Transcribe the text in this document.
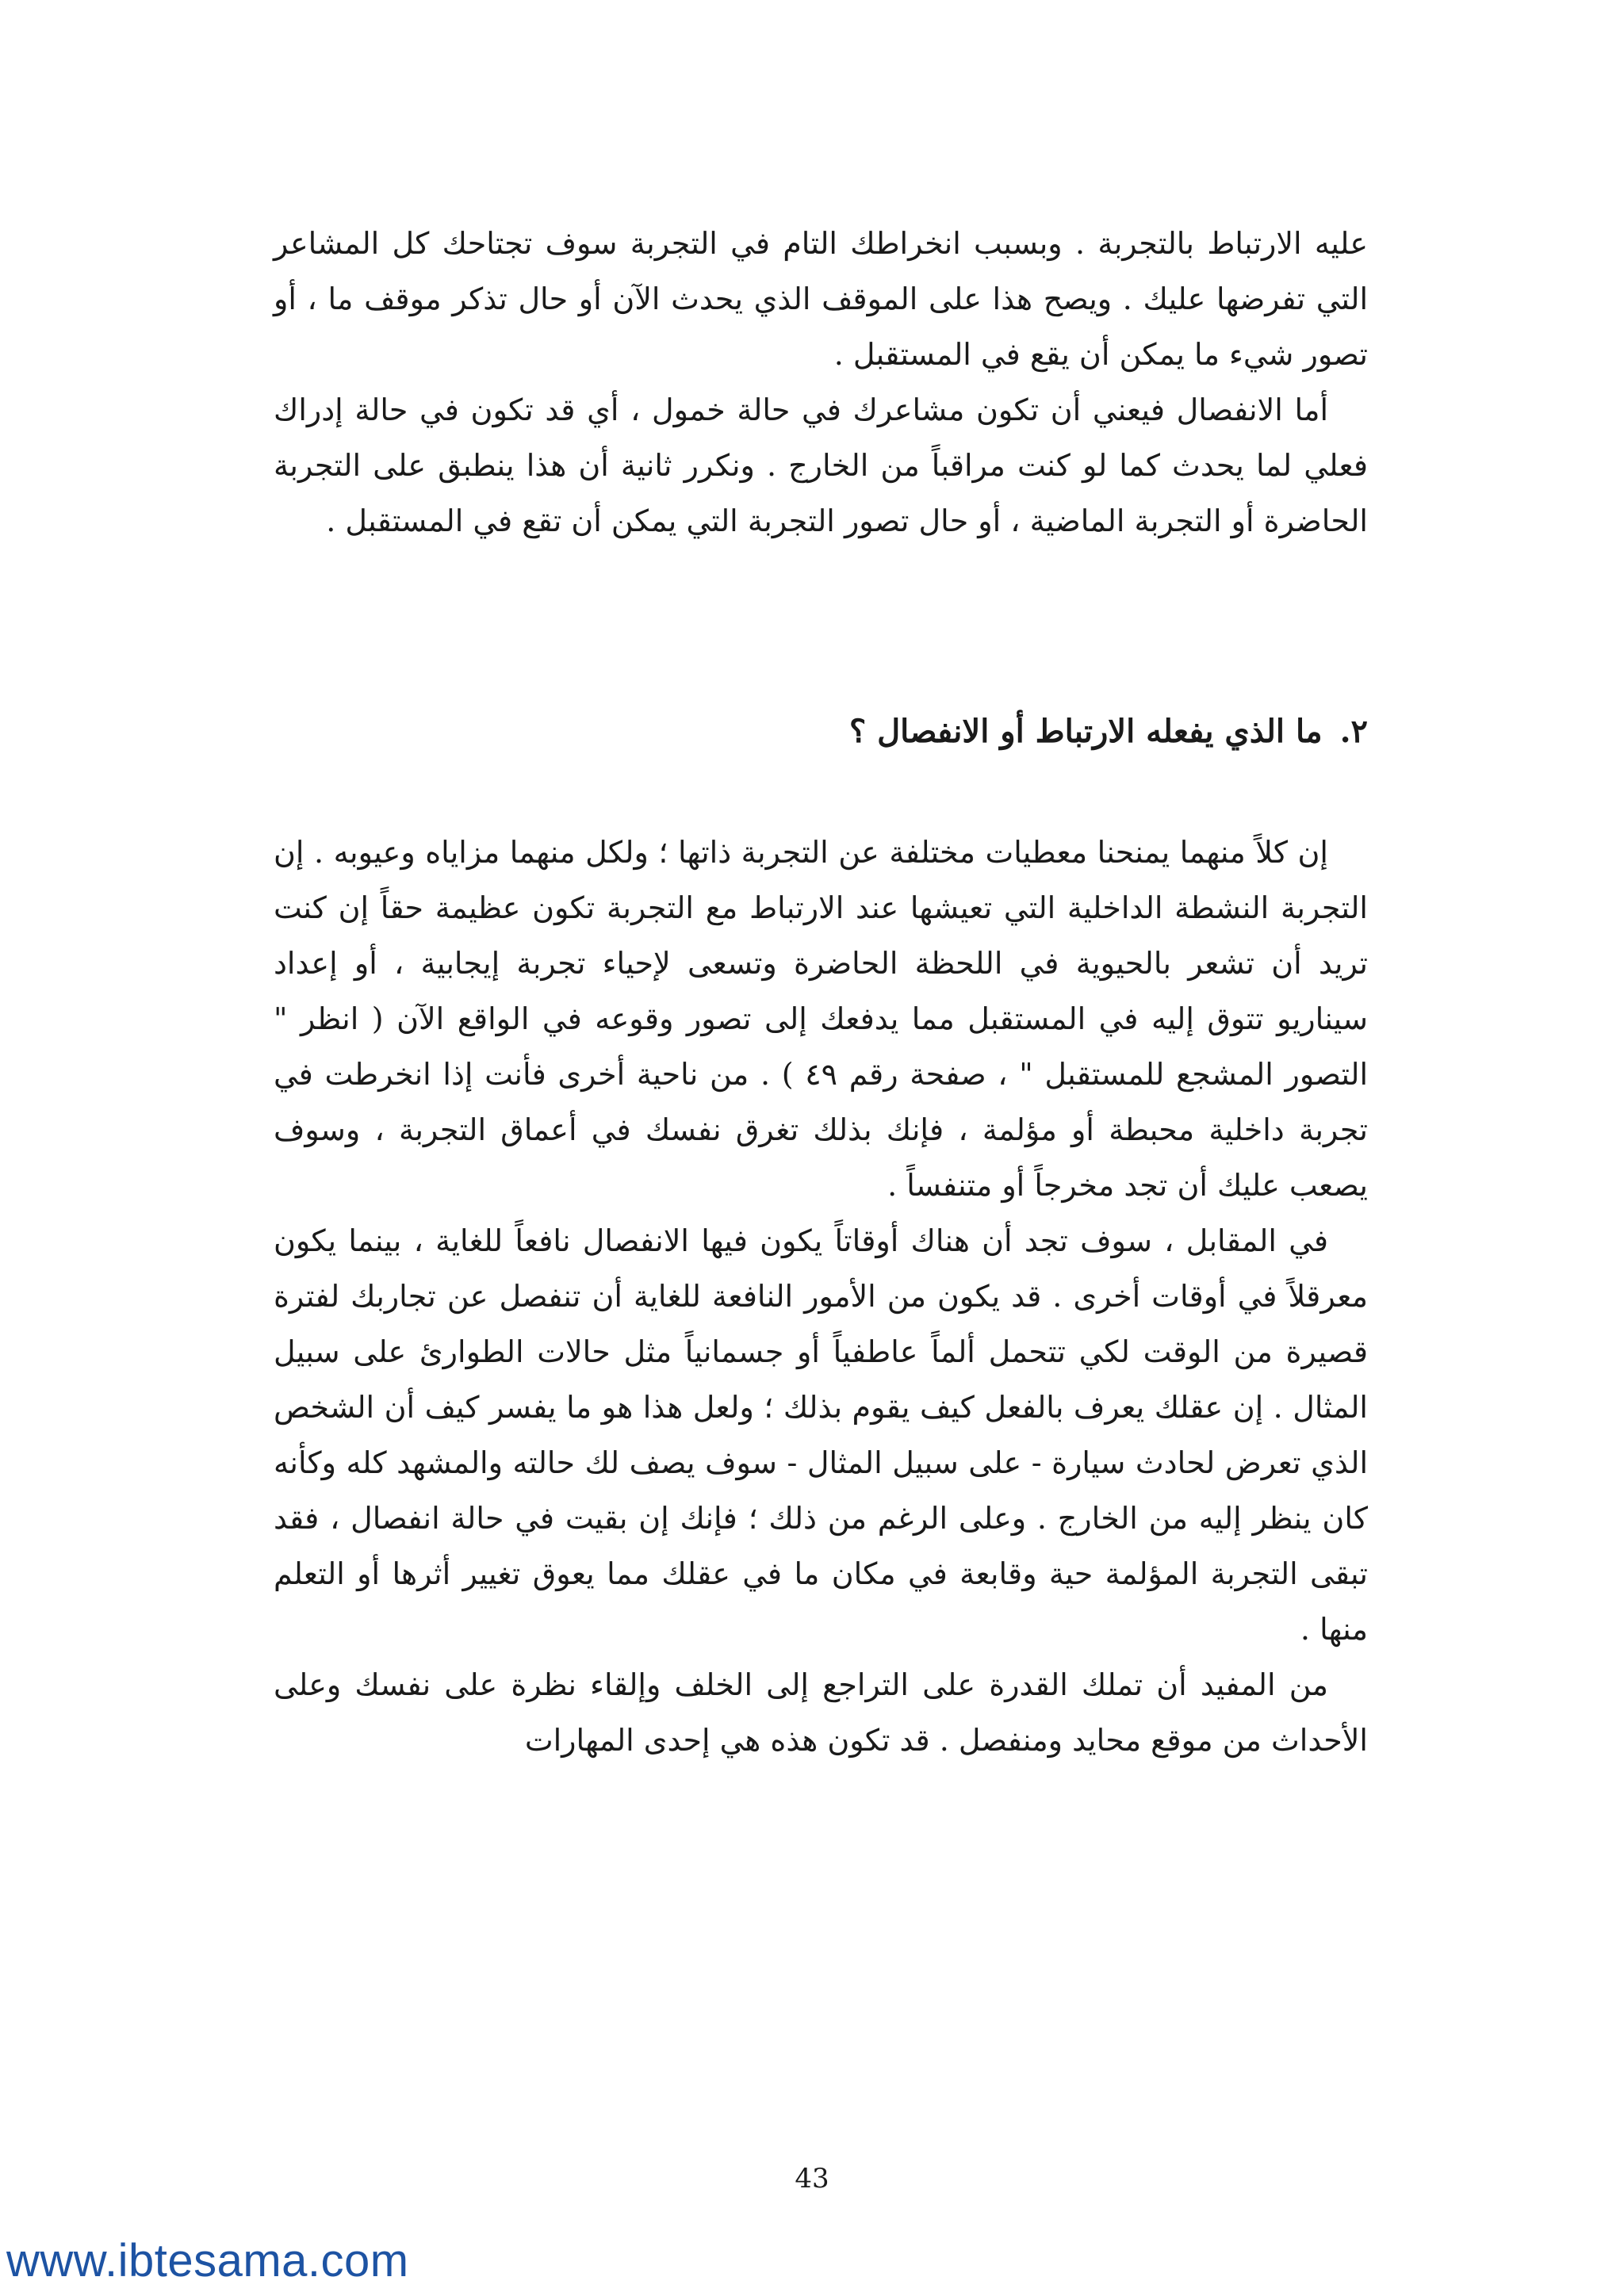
عليه الارتباط بالتجربة . وبسبب انخراطك التام في التجربة سوف تجتاحك كل المشاعر التي تفرضها عليك . ويصح هذا على الموقف الذي يحدث الآن أو حال تذكر موقف ما ، أو تصور شيء ما يمكن أن يقع في المستقبل .

أما الانفصال فيعني أن تكون مشاعرك في حالة خمول ، أي قد تكون في حالة إدراك فعلي لما يحدث كما لو كنت مراقباً من الخارج . ونكرر ثانية أن هذا ينطبق على التجربة الحاضرة أو التجربة الماضية ، أو حال تصور التجربة التي يمكن أن تقع في المستقبل .

٢.ما الذي يفعله الارتباط أو الانفصال ؟

إن كلاً منهما يمنحنا معطيات مختلفة عن التجربة ذاتها ؛ ولكل منهما مزاياه وعيوبه . إن التجربة النشطة الداخلية التي تعيشها عند الارتباط مع التجربة تكون عظيمة حقاً إن كنت تريد أن تشعر بالحيوية في اللحظة الحاضرة وتسعى لإحياء تجربة إيجابية ، أو إعداد سيناريو تتوق إليه في المستقبل مما يدفعك إلى تصور وقوعه في الواقع الآن ( انظر " التصور المشجع للمستقبل " ، صفحة رقم ٤٩ ) . من ناحية أخرى فأنت إذا انخرطت في تجربة داخلية محبطة أو مؤلمة ، فإنك بذلك تغرق نفسك في أعماق التجربة ، وسوف يصعب عليك أن تجد مخرجاً أو متنفساً .

في المقابل ، سوف تجد أن هناك أوقاتاً يكون فيها الانفصال نافعاً للغاية ، بينما يكون معرقلاً في أوقات أخرى . قد يكون من الأمور النافعة للغاية أن تنفصل عن تجاربك لفترة قصيرة من الوقت لكي تتحمل ألماً عاطفياً أو جسمانياً مثل حالات الطوارئ على سبيل المثال . إن عقلك يعرف بالفعل كيف يقوم بذلك ؛ ولعل هذا هو ما يفسر كيف أن الشخص الذي تعرض لحادث سيارة - على سبيل المثال - سوف يصف لك حالته والمشهد كله وكأنه كان ينظر إليه من الخارج . وعلى الرغم من ذلك ؛ فإنك إن بقيت في حالة انفصال ، فقد تبقى التجربة المؤلمة حية وقابعة في مكان ما في عقلك مما يعوق تغيير أثرها أو التعلم منها .

من المفيد أن تملك القدرة على التراجع إلى الخلف وإلقاء نظرة على نفسك وعلى الأحداث من موقع محايد ومنفصل . قد تكون هذه هي إحدى المهارات

43
www.ibtesama.com
